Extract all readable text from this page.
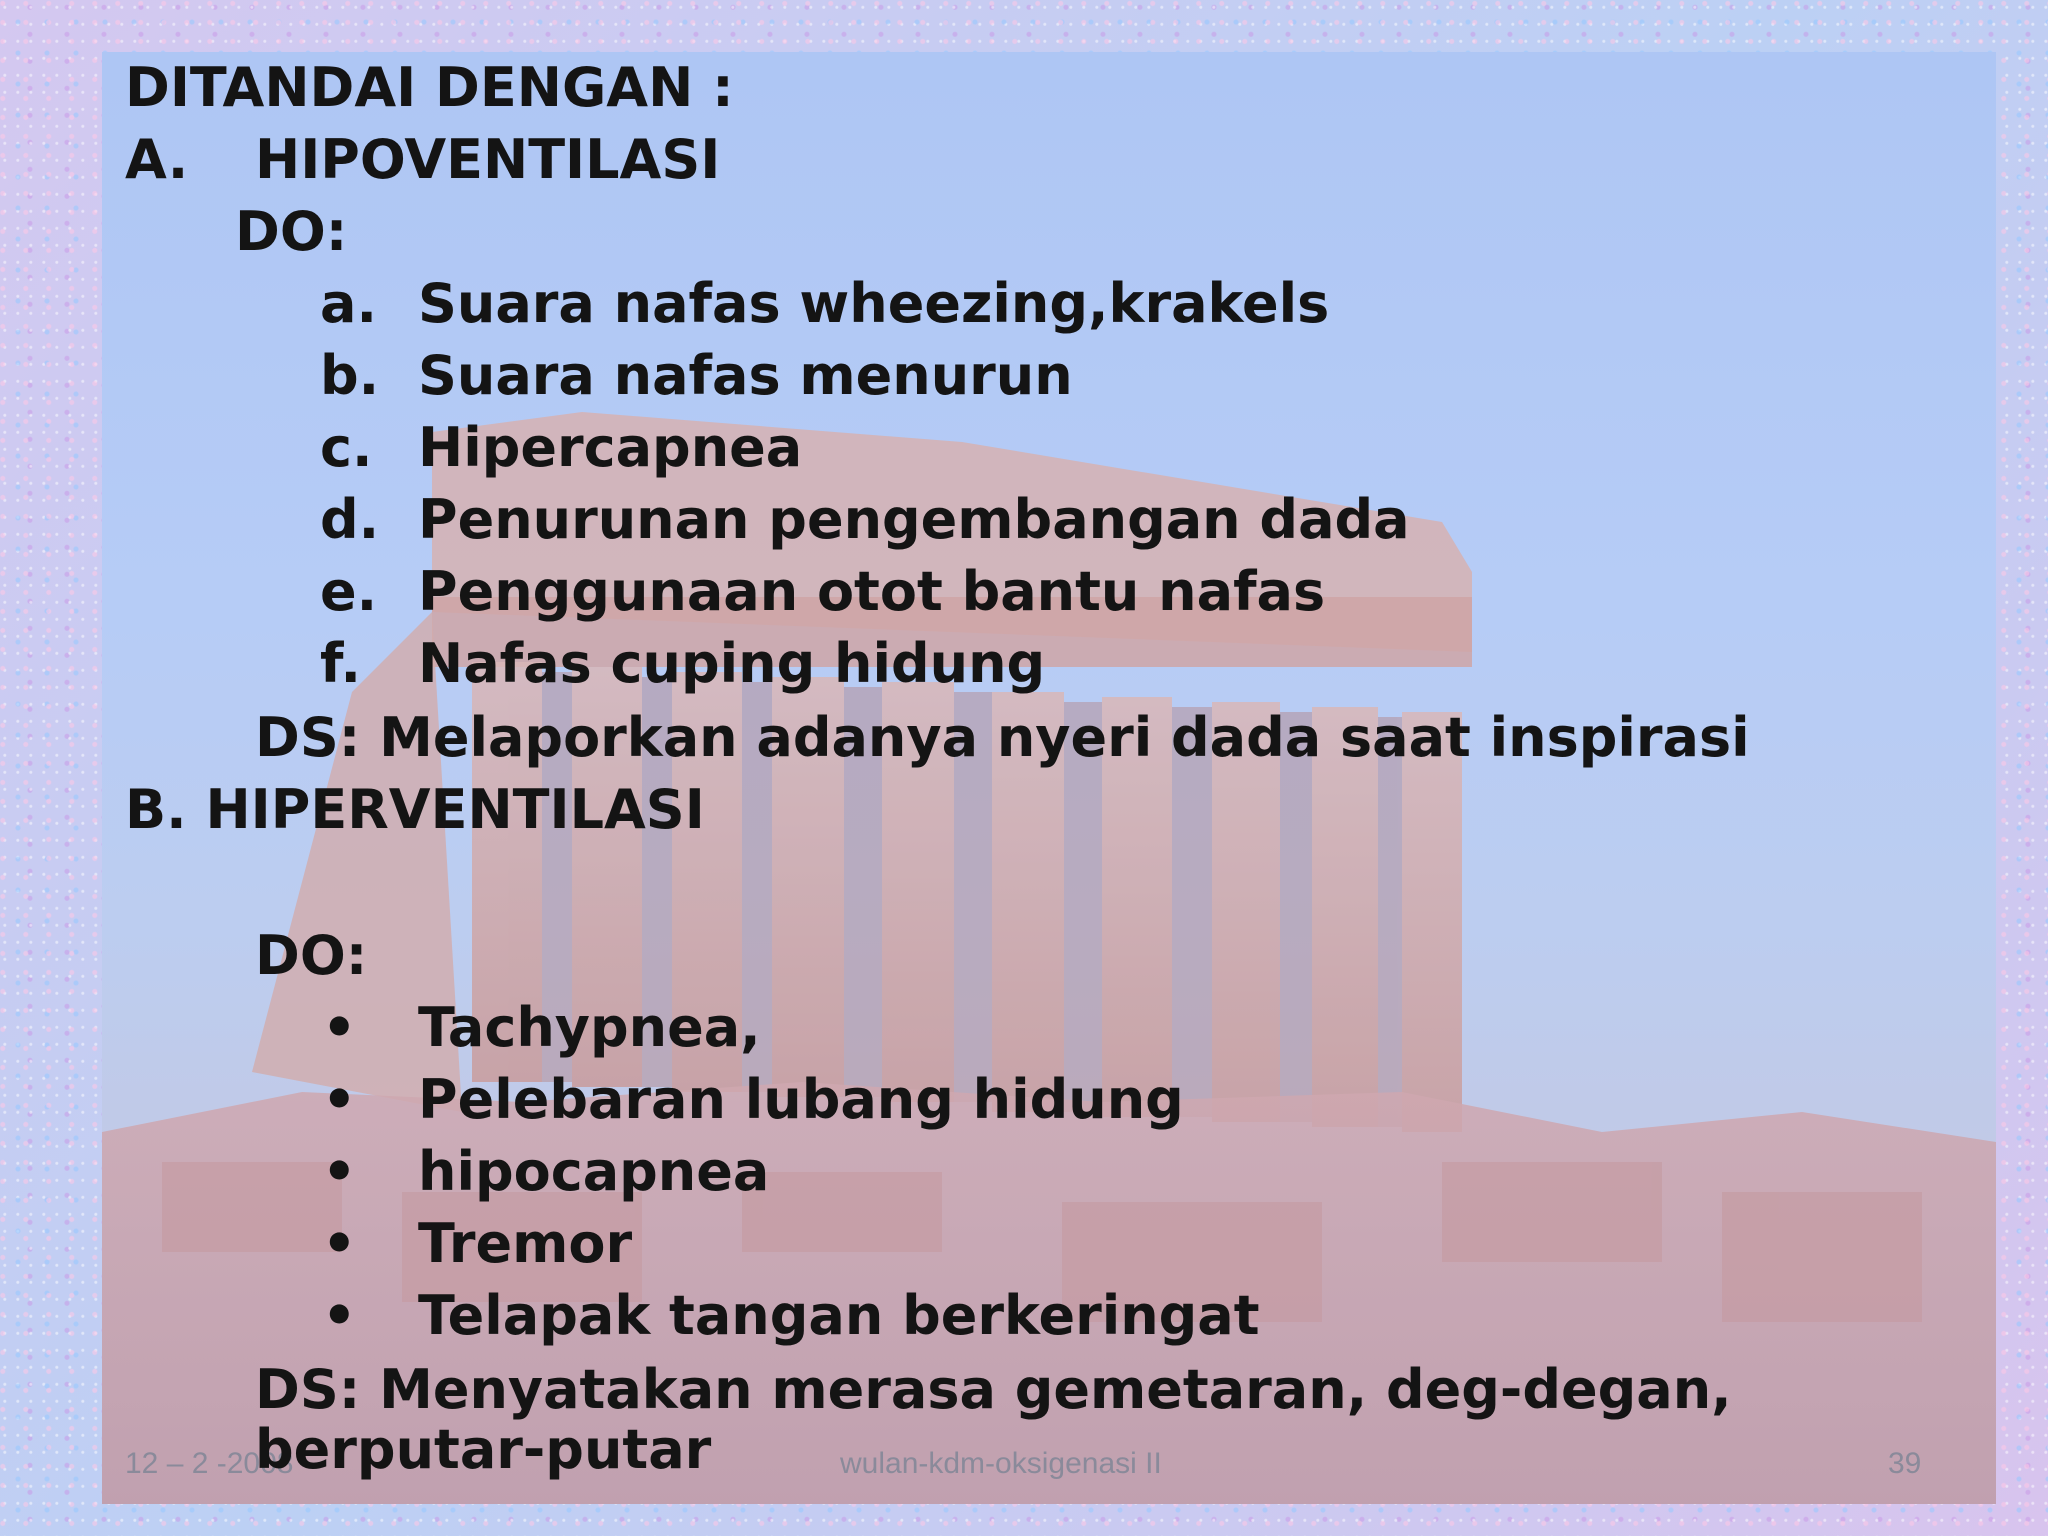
DITANDAI DENGAN :
A. HIPOVENTILASI
DO:
a. Suara nafas wheezing,krakels
b. Suara nafas menurun
c. Hipercapnea
d. Penurunan pengembangan dada
e. Penggunaan otot bantu nafas
f. Nafas cuping hidung
DS: Melaporkan adanya nyeri dada saat inspirasi
B. HIPERVENTILASI
DO:
• Tachypnea,
• Pelebaran lubang hidung
• hipocapnea
• Tremor
• Telapak tangan berkeringat
DS: Menyatakan merasa gemetaran, deg-degan,
12 – 2 -2008	wulan-kdm-oksigenasi II	39
berputar-putar
